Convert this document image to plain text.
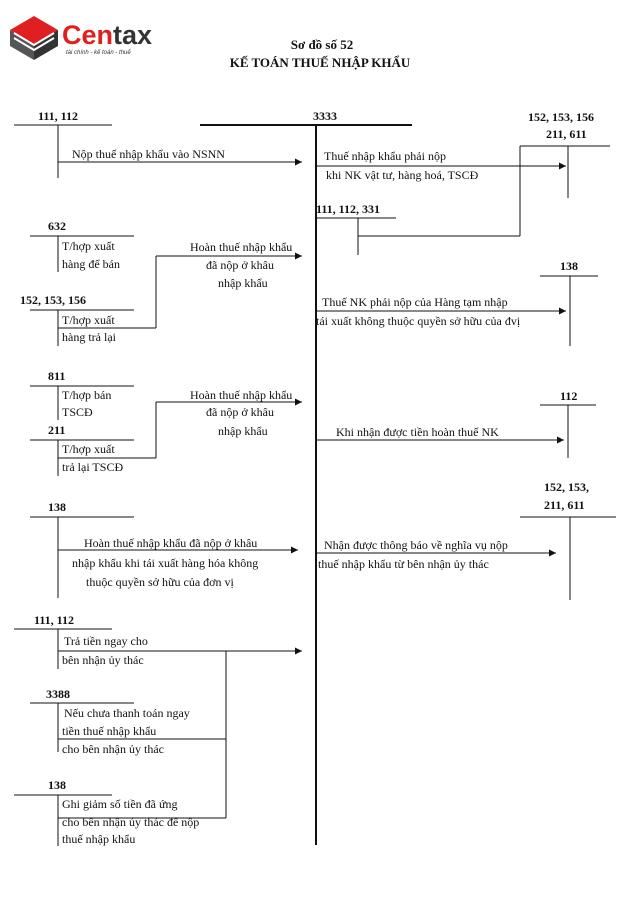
Centax
tài chính - kế toán - thuế
Sơ đồ số 52
KẾ TOÁN THUẾ NHẬP KHẨU
3333
111, 112
Nộp thuế nhập khẩu vào NSNN
152, 153, 156
211, 611
Thuế nhập khẩu phải nộp
khi NK vật tư, hàng hoá, TSCĐ
111, 112, 331
632
T/hợp xuất
hàng để bán
Hoàn thuế nhập khẩu
đã nộp ở khâu
nhập khẩu
152, 153, 156
T/hợp xuất
hàng trả lại
138
Thuế NK phải nộp của Hàng tạm nhập
tái xuất không thuộc quyền sở hữu của đvị
811
T/hợp bán
TSCĐ
Hoàn thuế nhập khẩu
đã nộp ở khâu
nhập khẩu
211
T/hợp xuất
trả lại TSCĐ
112
Khi nhận được tiền hoàn thuế NK
138
Hoàn thuế nhập khẩu đã nộp ở khâu
nhập khẩu khi tái xuất hàng hóa không
thuộc quyền sở hữu của đơn vị
152, 153,
211, 611
Nhận được thông báo về nghĩa vụ nộp
thuế nhập khẩu từ bên nhận ủy thác
111, 112
Trả tiền ngay cho
bên nhận ủy thác
3388
Nếu chưa thanh toán ngay
tiền thuế nhập khẩu
cho bên nhận ủy thác
138
Ghi giảm số tiền đã ứng
cho bên nhận ủy thác để nộp
thuế nhập khẩu
